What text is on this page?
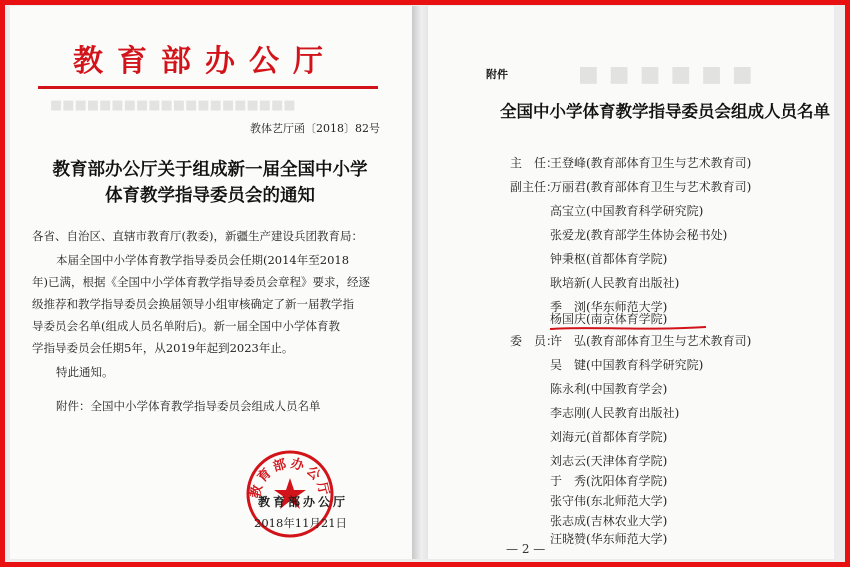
教育部办公厅
■■■■■■■■■■■■■■■■■■■■
教体艺厅函〔2018〕82号
教育部办公厅关于组成新一届全国中小学
体育教学指导委员会的通知
各省、自治区、直辖市教育厅(教委)，新疆生产建设兵团教育局：
本届全国中小学体育教学指导委员会任期(2014年至2018
年)已满，根据《全国中小学体育教学指导委员会章程》要求，经逐
级推荐和教学指导委员会换届领导小组审核确定了新一届教学指
导委员会名单(组成人员名单附后)。新一届全国中小学体育教
学指导委员会任期5年，从2019年起到2023年止。
特此通知。
附件：全国中小学体育教学指导委员会组成人员名单
教育部办公厅
教育部办公厅
2018年11月21日
■■■■■■
附件
全国中小学体育教学指导委员会组成人员名单
主　任：
王登峰(教育部体育卫生与艺术教育司)
副主任：
万丽君(教育部体育卫生与艺术教育司)
高宝立(中国教育科学研究院)
张爱龙(教育部学生体协会秘书处)
钟秉枢(首都体育学院)
耿培新(人民教育出版社)
季　浏(华东师范大学)
杨国庆(南京体育学院)
委　员：
许　弘(教育部体育卫生与艺术教育司)
吴　键(中国教育科学研究院)
陈永利(中国教育学会)
李志刚(人民教育出版社)
刘海元(首都体育学院)
刘志云(天津体育学院)
于　秀(沈阳体育学院)
张守伟(东北师范大学)
张志成(吉林农业大学)
汪晓赞(华东师范大学)
— 2 —
